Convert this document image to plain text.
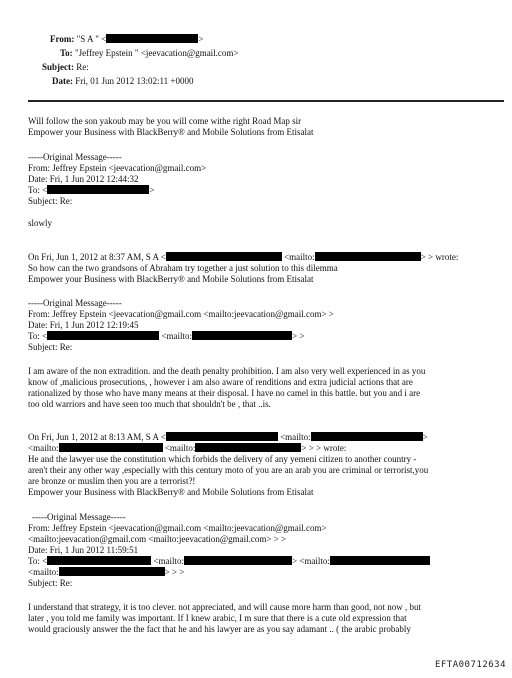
From: "S A " <	>
To: "Jeffrey Epstein " <jeevacation@gmail.com>
Subject: Re:
Date: Fri, 01 Jun 2012 13:02:11 +0000
Will follow the son yakoub may be you will come withe right Road Map sir
Empower your Business with BlackBerry® and Mobile Solutions from Etisalat
-----Original Message-----
From: Jeffrey Epstein <jeevacation@gmail.com>
Date: Fri, 1 Jun 2012 12:44:32
To: <	>
Subject: Re:
slowly
On Fri, Jun 1, 2012 at 8:37 AM, S A <	<mailto:	> > wrote:
So how can the two grandsons of Abraham try together a just solution to this dilemma
Empower your Business with BlackBerry® and Mobile Solutions from Etisalat
-----Original Message-----
From: Jeffrey Epstein <jeevacation@gmail.com <mailto:jeevacation@gmail.com> >
Date: Fri, 1 Jun 2012 12:19:45
To: <	<mailto:	> >
Subject: Re:
I am aware of the non extradition. and the death penalty prohibition. I am also very well experienced in as you
know of ,malicious prosecutions, , however i am also aware of renditions and extra judicial actions that are
rationalized by those who have many means at their disposal. I have no camel in this battle. but you and i are
too old warriors and have seen too much that shouldn't be , that ..is.
On Fri, Jun 1, 2012 at 8:13 AM, S A <	<mailto:	>
<mailto:	<mailto:	> > > wrote:
He and the lawyer use the constitution which forbids the delivery of any yemeni citizen to another country -
aren't their any other way ,especially with this century moto of you are an arab you are criminal or terrorist,you
are bronze or muslim then you are a terrorist?!
Empower your Business with BlackBerry® and Mobile Solutions from Etisalat
-----Original Message-----
From: Jeffrey Epstein <jeevacation@gmail.com <mailto:jeevacation@gmail.com>
<mailto:jeevacation@gmail.com <mailto:jeevacation@gmail.com> > >
Date: Fri, 1 Jun 2012 11:59:51
To: <	<mailto:	> <mailto:
<mailto:	> > >
Subject: Re:
I understand that strategy, it is too clever. not appreciated, and will cause more harm than good, not now , but
later , you told me family was important. If I knew arabic, I m sure that there is a cute old expression that
would graciously answer the the fact that he and his lawyer are as you say adamant .. ( the arabic probably
EFTA00712634
